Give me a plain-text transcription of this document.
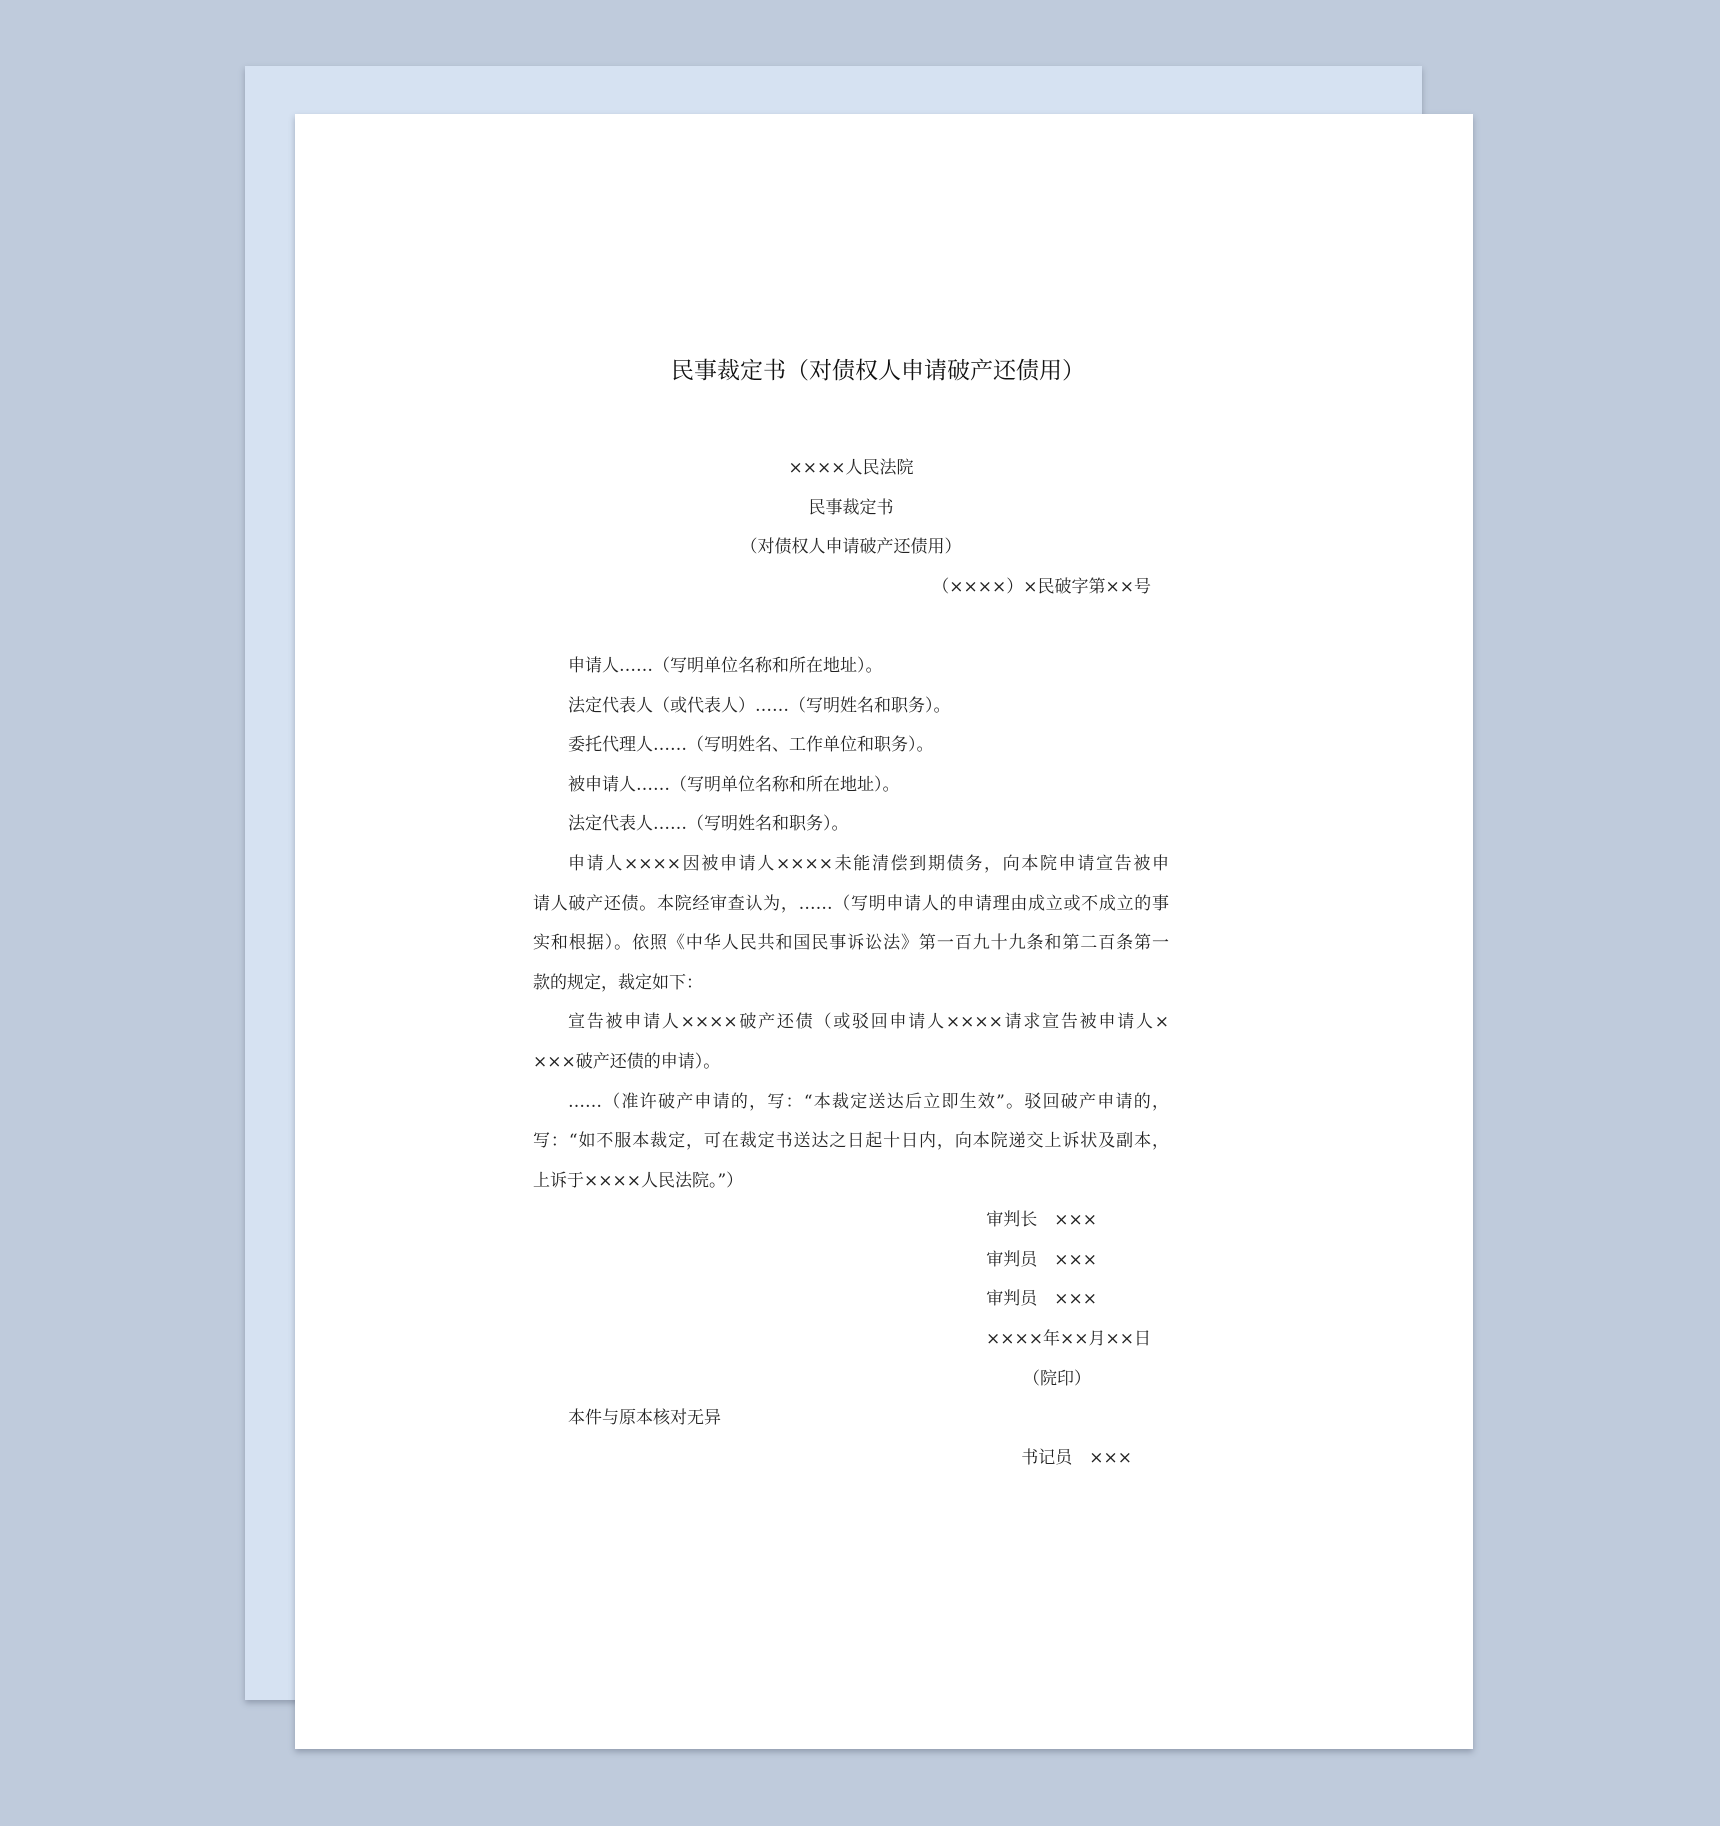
民事裁定书（对债权人申请破产还债用）
××××人民法院
民事裁定书
（对债权人申请破产还债用）
（××××）×民破字第××号
申请人……（写明单位名称和所在地址）。
法定代表人（或代表人）……（写明姓名和职务）。
委托代理人……（写明姓名、工作单位和职务）。
被申请人……（写明单位名称和所在地址）。
法定代表人……（写明姓名和职务）。
申请人××××因被申请人××××未能清偿到期债务，向本院申请宣告被申
请人破产还债。本院经审查认为，……（写明申请人的申请理由成立或不成立的事
实和根据）。依照《中华人民共和国民事诉讼法》第一百九十九条和第二百条第一
款的规定，裁定如下：
宣告被申请人××××破产还债（或驳回申请人××××请求宣告被申请人×
×××破产还债的申请）。
……（准许破产申请的，写：“本裁定送达后立即生效”。驳回破产申请的，
写：“如不服本裁定，可在裁定书送达之日起十日内，向本院递交上诉状及副本，
上诉于××××人民法院。”）
审判长　×××
审判员　×××
审判员　×××
××××年××月××日
（院印）
本件与原本核对无异
书记员　×××
